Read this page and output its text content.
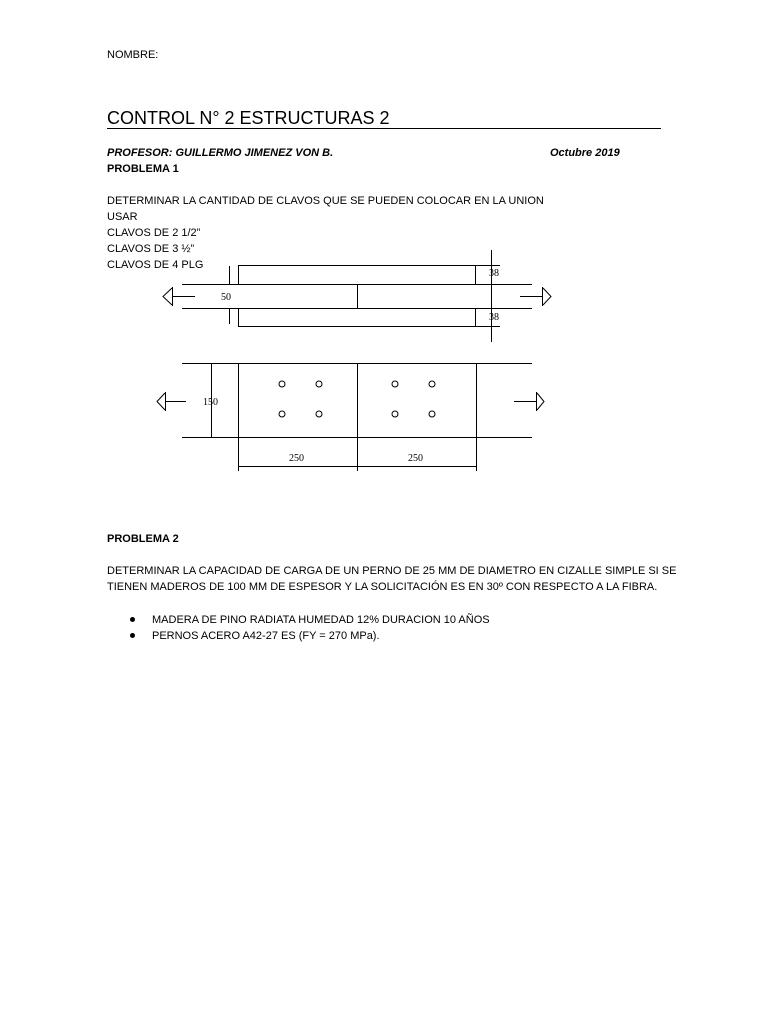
NOMBRE:
CONTROL N° 2 ESTRUCTURAS 2
PROFESOR: GUILLERMO JIMENEZ VON B.	Octubre 2019
PROBLEMA 1
DETERMINAR LA CANTIDAD DE CLAVOS QUE SE PUEDEN COLOCAR EN LA UNION
USAR
CLAVOS DE 2 1/2”
CLAVOS DE 3 ½”
CLAVOS DE 4 PLG
38
50
38
150
250	250
PROBLEMA 2
DETERMINAR LA CAPACIDAD DE CARGA DE UN PERNO DE 25 MM DE DIAMETRO EN CIZALLE SIMPLE SI SE
TIENEN MADEROS DE 100 MM DE ESPESOR Y LA SOLICITACIÓN ES EN 30º CON RESPECTO A LA FIBRA.
MADERA DE PINO RADIATA HUMEDAD 12% DURACION 10 AÑOS
PERNOS ACERO A42-27 ES (FY = 270 MPa).
